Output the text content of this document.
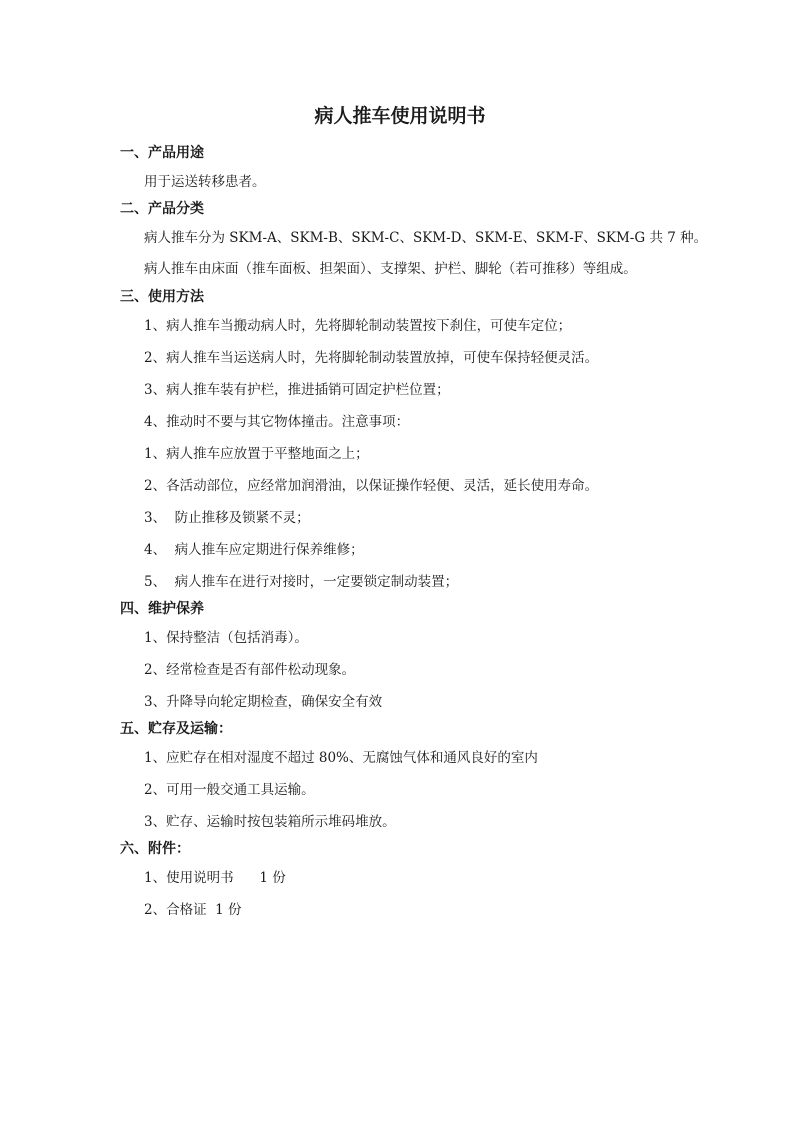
病人推车使用说明书
一、产品用途

用于运送转移患者。

二、产品分类

病人推车分为 SKM-A、SKM-B、SKM-C、SKM-D、SKM-E、SKM-F、SKM-G 共 7 种。

病人推车由床面（推车面板、担架面）、支撑架、护栏、脚轮（若可推移）等组成。

三、使用方法

1、病人推车当搬动病人时，先将脚轮制动装置按下刹住，可使车定位；

2、病人推车当运送病人时，先将脚轮制动装置放掉，可使车保持轻便灵活。

3、病人推车装有护栏，推进插销可固定护栏位置；

4、推动时不要与其它物体撞击。注意事项：

1、病人推车应放置于平整地面之上；

2、各活动部位，应经常加润滑油，以保证操作轻便、灵活，延长使用寿命。

3、  防止推移及锁紧不灵；

4、  病人推车应定期进行保养维修；

5、  病人推车在进行对接时，一定要锁定制动装置；

四、维护保养

1、保持整洁（包括消毒）。

2、经常检查是否有部件松动现象。

3、升降导向轮定期检查，确保安全有效

五、贮存及运输：

1、应贮存在相对湿度不超过 80%、无腐蚀气体和通风良好的室内

2、可用一般交通工具运输。

3、贮存、运输时按包装箱所示堆码堆放。

六、附件：

1、使用说明书      1 份

2、合格证  1 份
